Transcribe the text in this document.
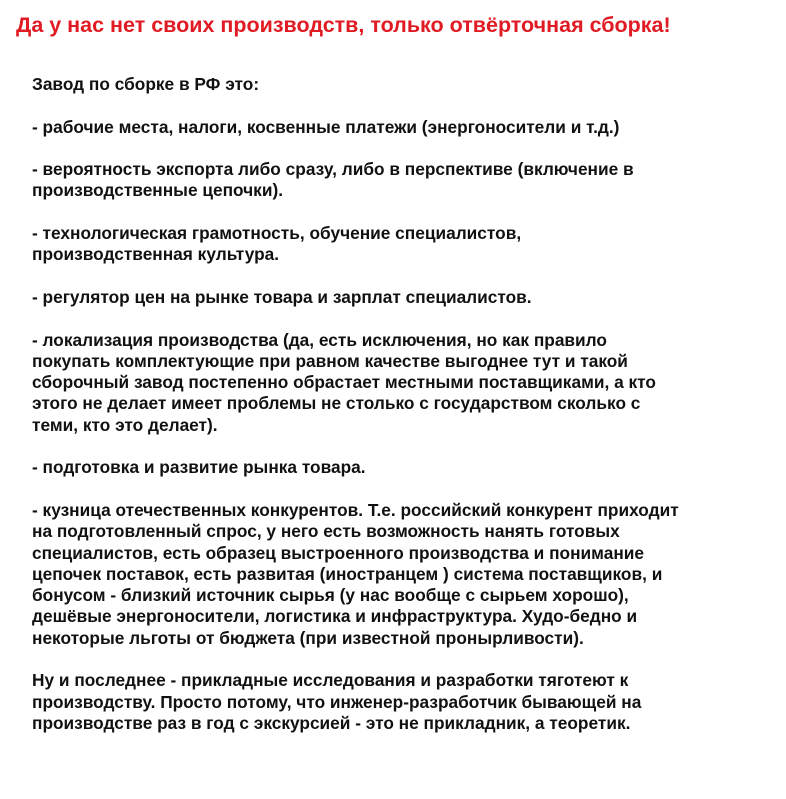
Да у нас нет своих производств, только отвёрточная сборка!

Завод по сборке в РФ это:

- рабочие места, налоги, косвенные платежи (энергоносители и т.д.)

- вероятность экспорта либо сразу, либо в перспективе (включение в
производственные цепочки).

- технологическая грамотность, обучение специалистов,
производственная культура.

- регулятор цен на рынке товара и зарплат специалистов.

- локализация производства (да, есть исключения, но как правило
покупать комплектующие при равном качестве выгоднее тут и такой
сборочный завод постепенно обрастает местными поставщиками, а кто
этого не делает имеет проблемы не столько с государством сколько с
теми, кто это делает).

- подготовка и развитие рынка товара.

- кузница отечественных конкурентов. Т.е. российский конкурент приходит
на подготовленный спрос, у него есть возможность нанять готовых
специалистов, есть образец выстроенного производства и понимание
цепочек поставок, есть развитая (иностранцем ) система поставщиков, и
бонусом - близкий источник сырья (у нас вообще с сырьем хорошо),
дешёвые энергоносители, логистика и инфраструктура. Худо-бедно и
некоторые льготы от бюджета (при известной пронырливости).

Ну и последнее - прикладные исследования и разработки тяготеют к
производству. Просто потому, что инженер-разработчик бывающей на
производстве раз в год с экскурсией - это не прикладник, а теоретик.
